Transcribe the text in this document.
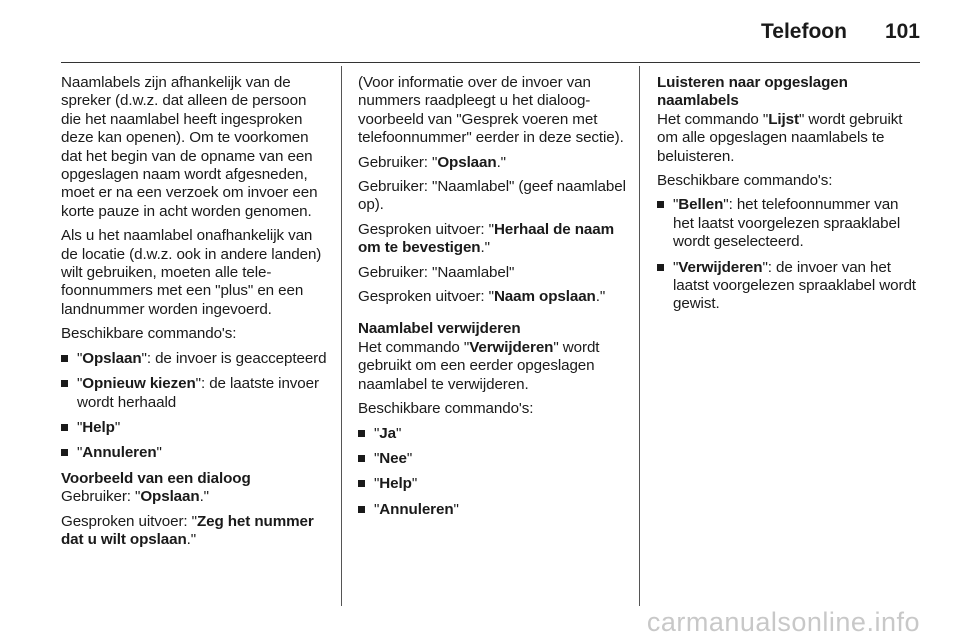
Telefoon 101

Naamlabels zijn afhankelijk van de spreker (d.w.z. dat alleen de persoon die het naamlabel heeft ingesproken deze kan openen). Om te voorkomen dat het begin van de opname van een opgeslagen naam wordt afgesneden, moet er na een verzoek om invoer een korte pauze in acht worden genomen.

Als u het naamlabel onafhankelijk van de locatie (d.w.z. ook in andere landen) wilt gebruiken, moeten alle telefoonnummers met een "plus" en een landnummer worden ingevoerd.

Beschikbare commando's:

"Opslaan": de invoer is geaccepteerd
"Opnieuw kiezen": de laatste invoer wordt herhaald
"Help"
"Annuleren"

Voorbeeld van een dialoog

Gebruiker: "Opslaan."

Gesproken uitvoer: "Zeg het nummer dat u wilt opslaan."

(Voor informatie over de invoer van nummers raadpleegt u het dialoogvoorbeeld van "Gesprek voeren met telefoonnummer" eerder in deze sectie).

Gebruiker: "Opslaan."

Gebruiker: "Naamlabel" (geef naamlabel op).

Gesproken uitvoer: "Herhaal de naam om te bevestigen."

Gebruiker: "Naamlabel"

Gesproken uitvoer: "Naam opslaan."

Naamlabel verwijderen

Het commando "Verwijderen" wordt gebruikt om een eerder opgeslagen naamlabel te verwijderen.

Beschikbare commando's:

"Ja"
"Nee"
"Help"
"Annuleren"

Luisteren naar opgeslagen naamlabels

Het commando "Lijst" wordt gebruikt om alle opgeslagen naamlabels te beluisteren.

Beschikbare commando's:

"Bellen": het telefoonnummer van het laatst voorgelezen spraaklabel wordt geselecteerd.
"Verwijderen": de invoer van het laatst voorgelezen spraaklabel wordt gewist.
carmanualsonline.info
